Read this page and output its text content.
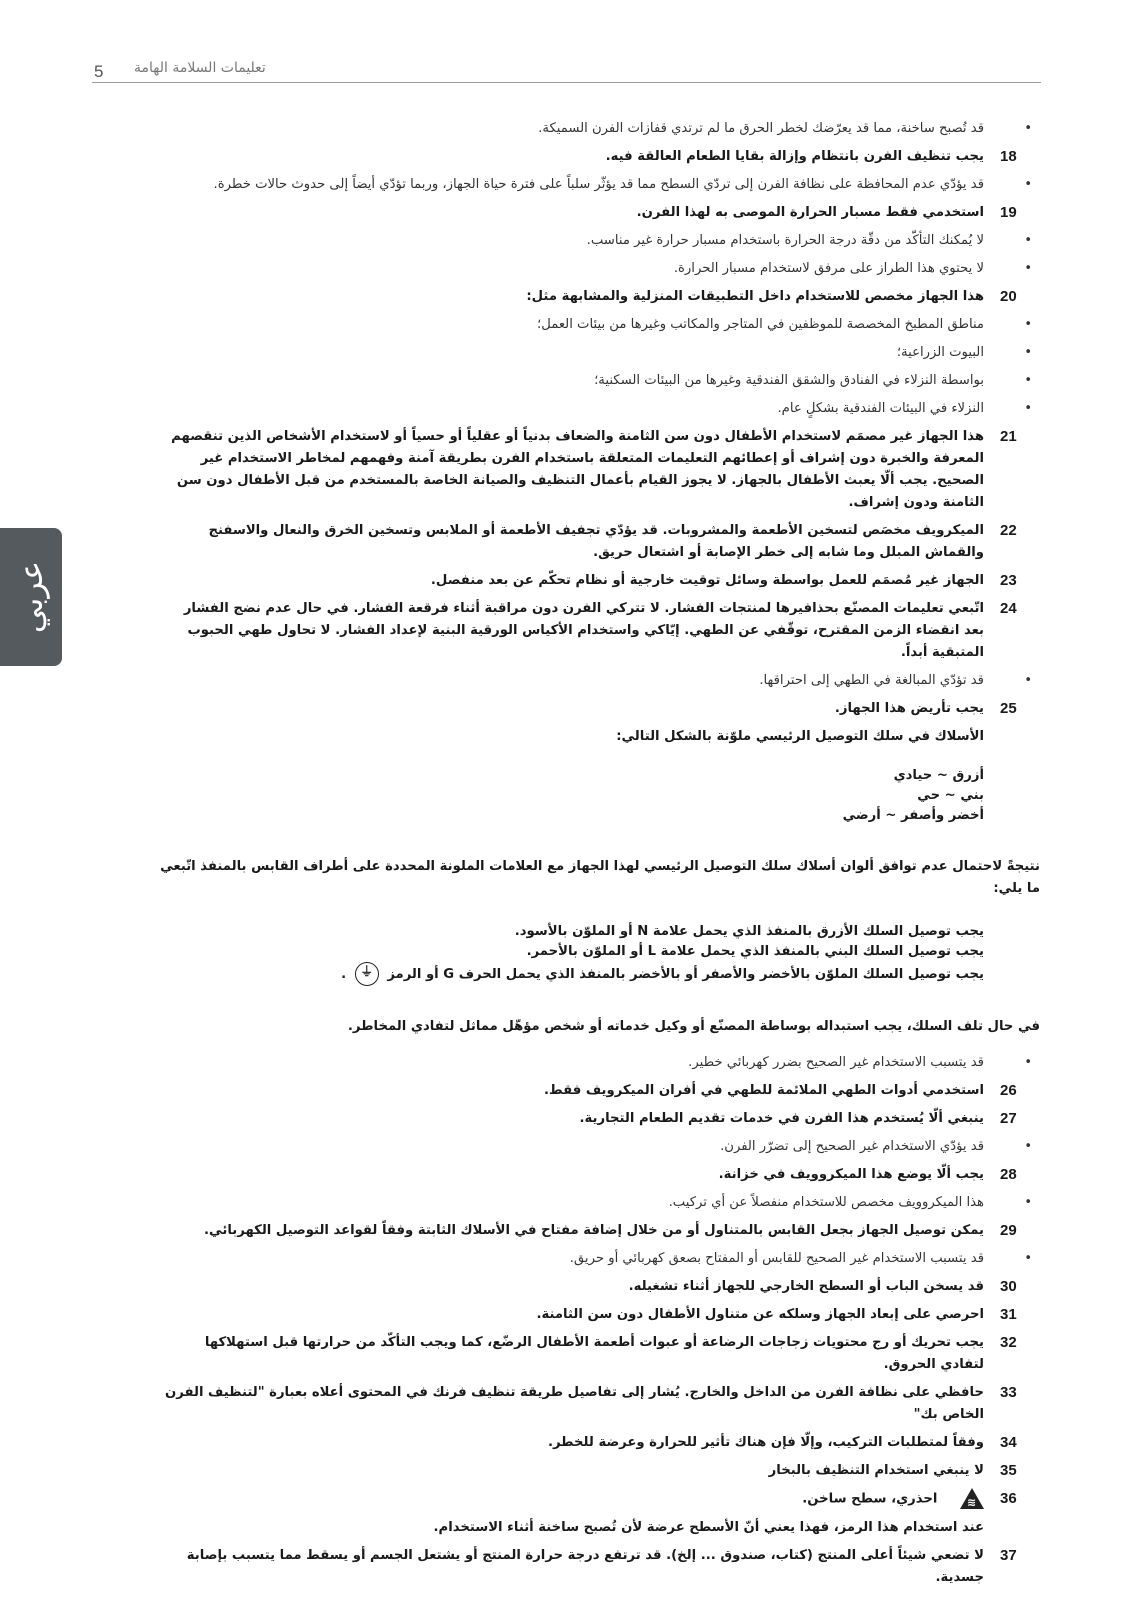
5 تعليمات السلامة الهامة
عربي
•
قد تُصبح ساخنة، مما قد يعرّضك لخطر الحرق ما لم ترتدي قفازات الفرن السميكة.
18
يجب تنظيف الفرن بانتظام وإزالة بقايا الطعام العالقة فيه.
•
قد يؤدّي عدم المحافظة على نظافة الفرن إلى تردّي السطح مما قد يؤثّر سلباً على فترة حياة الجهاز، وربما تؤدّي أيضاً إلى حدوث حالات خطرة.
19
استخدمي فقط مسبار الحرارة الموصى به لهذا الفرن.
•
لا يُمكنك التأكّد من دقّة درجة الحرارة باستخدام مسبار حرارة غير مناسب.
•
لا يحتوي هذا الطراز على مرفق لاستخدام مسبار الحرارة.
20
هذا الجهاز مخصص للاستخدام داخل التطبيقات المنزلية والمشابهة مثل:
•
مناطق المطبخ المخصصة للموظفين في المتاجر والمكاتب وغيرها من بيئات العمل؛
•
البيوت الزراعية؛
•
بواسطة النزلاء في الفنادق والشقق الفندقية وغيرها من البيئات السكنية؛
•
النزلاء في البيئات الفندقية بشكلٍ عام.
21
هذا الجهاز غير مصمَم لاستخدام الأطفال دون سن الثامنة والضعاف بدنياً أو عقلياً أو حسياً أو لاستخدام الأشخاص الذين تنقصهم المعرفة والخبرة دون إشراف أو إعطائهم التعليمات المتعلقة باستخدام الفرن بطريقة آمنة وفهمهم لمخاطر الاستخدام غير الصحيح. يجب ألّا يعبث الأطفال بالجهاز. لا يجوز القيام بأعمال التنظيف والصيانة الخاصة بالمستخدم من قبل الأطفال دون سن الثامنة ودون إشراف.
22
الميكرويف مخصَص لتسخين الأطعمة والمشروبات. قد يؤدّي تجفيف الأطعمة أو الملابس وتسخين الخرق والنعال والاسفنج والقماش المبلل وما شابه إلى خطر الإصابة أو اشتعال حريق.
23
الجهاز غير مُصمَم للعمل بواسطة وسائل توقيت خارجية أو نظام تحكّم عن بعد منفصل.
24
اتّبعي تعليمات المصنّع بحذافيرها لمنتجات الفشار. لا تتركي الفرن دون مراقبة أثناء فرقعة الفشار. في حال عدم نضج الفشار بعد انقضاء الزمن المقترح، توقّفي عن الطهي. إيّاكي واستخدام الأكياس الورقية البنية لإعداد الفشار. لا تحاول طهي الحبوب المتبقية أبداً.
•
قد تؤدّي المبالغة في الطهي إلى احتراقها.
25
يجب تأريض هذا الجهاز.
الأسلاك في سلك التوصيل الرئيسي ملوّنة بالشكل التالي:
أزرق ~ حيادي
بني ~ حي
أخضر وأصفر ~ أرضي
نتيجةً لاحتمال عدم توافق ألوان أسلاك سلك التوصيل الرئيسي لهذا الجهاز مع العلامات الملونة المحددة على أطراف القابس بالمنفذ اتّبعي ما يلي:
يجب توصيل السلك الأزرق بالمنفذ الذي يحمل علامة N أو الملوّن بالأسود.
يجب توصيل السلك البني بالمنفذ الذي يحمل علامة L أو الملوّن بالأحمر.
يجب توصيل السلك الملوّن بالأخضر والأصفر أو بالأخضر بالمنفذ الذي يحمل الحرف G أو الرمز ⏚ .
في حال تلف السلك، يجب استبداله بوساطة المصنّع أو وكيل خدماته أو شخص مؤهّل مماثل لتفادي المخاطر.
•
قد يتسبب الاستخدام غير الصحيح بضرر كهربائي خطير.
26
استخدمي أدوات الطهي الملائمة للطهي في أفران الميكرويف فقط.
27
ينبغي ألّا يُستخدم هذا الفرن في خدمات تقديم الطعام التجارية.
•
قد يؤدّي الاستخدام غير الصحيح إلى تضرّر الفرن.
28
يجب ألّا يوضع هذا الميكروويف في خزانة.
•
هذا الميكروويف مخصص للاستخدام منفصلاً عن أي تركيب.
29
يمكن توصيل الجهاز بجعل القابس بالمتناول أو من خلال إضافة مفتاح في الأسلاك الثابتة وفقاً لقواعد التوصيل الكهربائي.
•
قد يتسبب الاستخدام غير الصحيح للقابس أو المفتاح بصعق كهربائي أو حريق.
30
قد يسخن الباب أو السطح الخارجي للجهاز أثناء تشغيله.
31
احرصي على إبعاد الجهاز وسلكه عن متناول الأطفال دون سن الثامنة.
32
يجب تحريك أو رج محتويات زجاجات الرضاعة أو عبوات أطعمة الأطفال الرضّع، كما ويجب التأكّد من حرارتها قبل استهلاكها لتفادي الحروق.
33
حافظي على نظافة الفرن من الداخل والخارج. يُشار إلى تفاصيل طريقة تنظيف فرنك في المحتوى أعلاه بعبارة "لتنظيف الفرن الخاص بك"
34
وفقاً لمتطلبات التركيب، وإلّا فإن هناك تأثير للحرارة وعرضة للخطر.
35
لا ينبغي استخدام التنظيف بالبخار
36
≋ احذري، سطح ساخن.
عند استخدام هذا الرمز، فهذا يعني أنّ الأسطح عرضة لأن تُصبح ساخنة أثناء الاستخدام.
37
لا تضعي شيئاً أعلى المنتج (كتاب، صندوق ... إلخ). قد ترتفع درجة حرارة المنتج أو يشتعل الجسم أو يسقط مما يتسبب بإصابة جسدية.
